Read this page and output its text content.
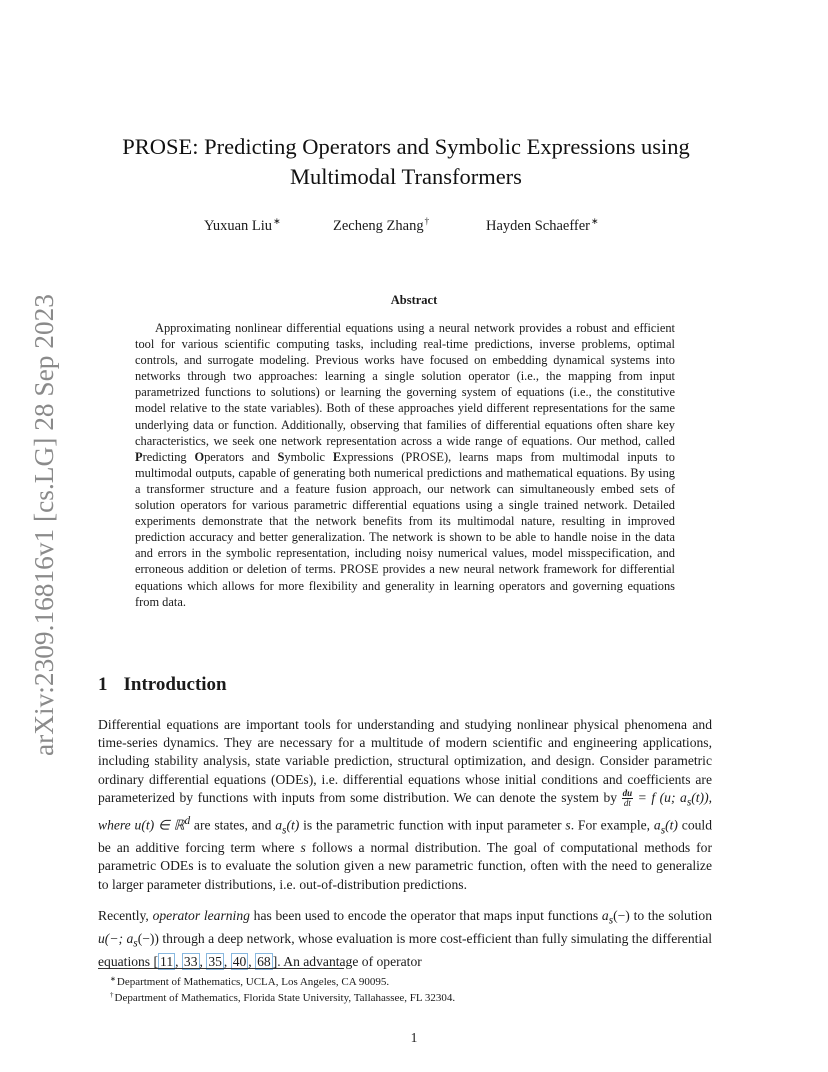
arXiv:2309.16816v1 [cs.LG] 28 Sep 2023
PROSE: Predicting Operators and Symbolic Expressions using Multimodal Transformers
Yuxuan Liu∗	Zecheng Zhang†	Hayden Schaeffer∗
Abstract
Approximating nonlinear differential equations using a neural network provides a robust and efficient tool for various scientific computing tasks, including real-time predictions, inverse problems, optimal controls, and surrogate modeling. Previous works have focused on embedding dynamical systems into networks through two approaches: learning a single solution operator (i.e., the mapping from input parametrized functions to solutions) or learning the governing system of equations (i.e., the constitutive model relative to the state variables). Both of these approaches yield different representations for the same underlying data or function. Additionally, observing that families of differential equations often share key characteristics, we seek one network representation across a wide range of equations. Our method, called Predicting Operators and Symbolic Expressions (PROSE), learns maps from multimodal inputs to multimodal outputs, capable of generating both numerical predictions and mathematical equations. By using a transformer structure and a feature fusion approach, our network can simultaneously embed sets of solution operators for various parametric differential equations using a single trained network. Detailed experiments demonstrate that the network benefits from its multimodal nature, resulting in improved prediction accuracy and better generalization. The network is shown to be able to handle noise in the data and errors in the symbolic representation, including noisy numerical values, model misspecification, and erroneous addition or deletion of terms. PROSE provides a new neural network framework for differential equations which allows for more flexibility and generality in learning operators and governing equations from data.
1 Introduction
Differential equations are important tools for understanding and studying nonlinear physical phenomena and time-series dynamics. They are necessary for a multitude of modern scientific and engineering applications, including stability analysis, state variable prediction, structural optimization, and design. Consider parametric ordinary differential equations (ODEs), i.e. differential equations whose initial conditions and coefficients are parameterized by functions with inputs from some distribution. We can denote the system by $\frac{du}{dt} = f$ (u; $a_s(t)$), where u(t) ∈ ℝ$^d$ are states, and $a_s(t)$ is the parametric function with input parameter s. For example, $a_s(t)$ could be an additive forcing term where s follows a normal distribution. The goal of computational methods for parametric ODEs is to evaluate the solution given a new parametric function, often with the need to generalize to larger parameter distributions, i.e. out-of-distribution predictions.
Recently, operator learning has been used to encode the operator that maps input functions $a_s(-)$ to the solution u(−; $a_s(-)$) through a deep network, whose evaluation is more cost-efficient than fully simulating the differential equations [ 11 , 33 , 35 , 40 , 68 ]. An advantage of operator
∗Department of Mathematics, UCLA, Los Angeles, CA 90095.
†Department of Mathematics, Florida State University, Tallahassee, FL 32304.
1
